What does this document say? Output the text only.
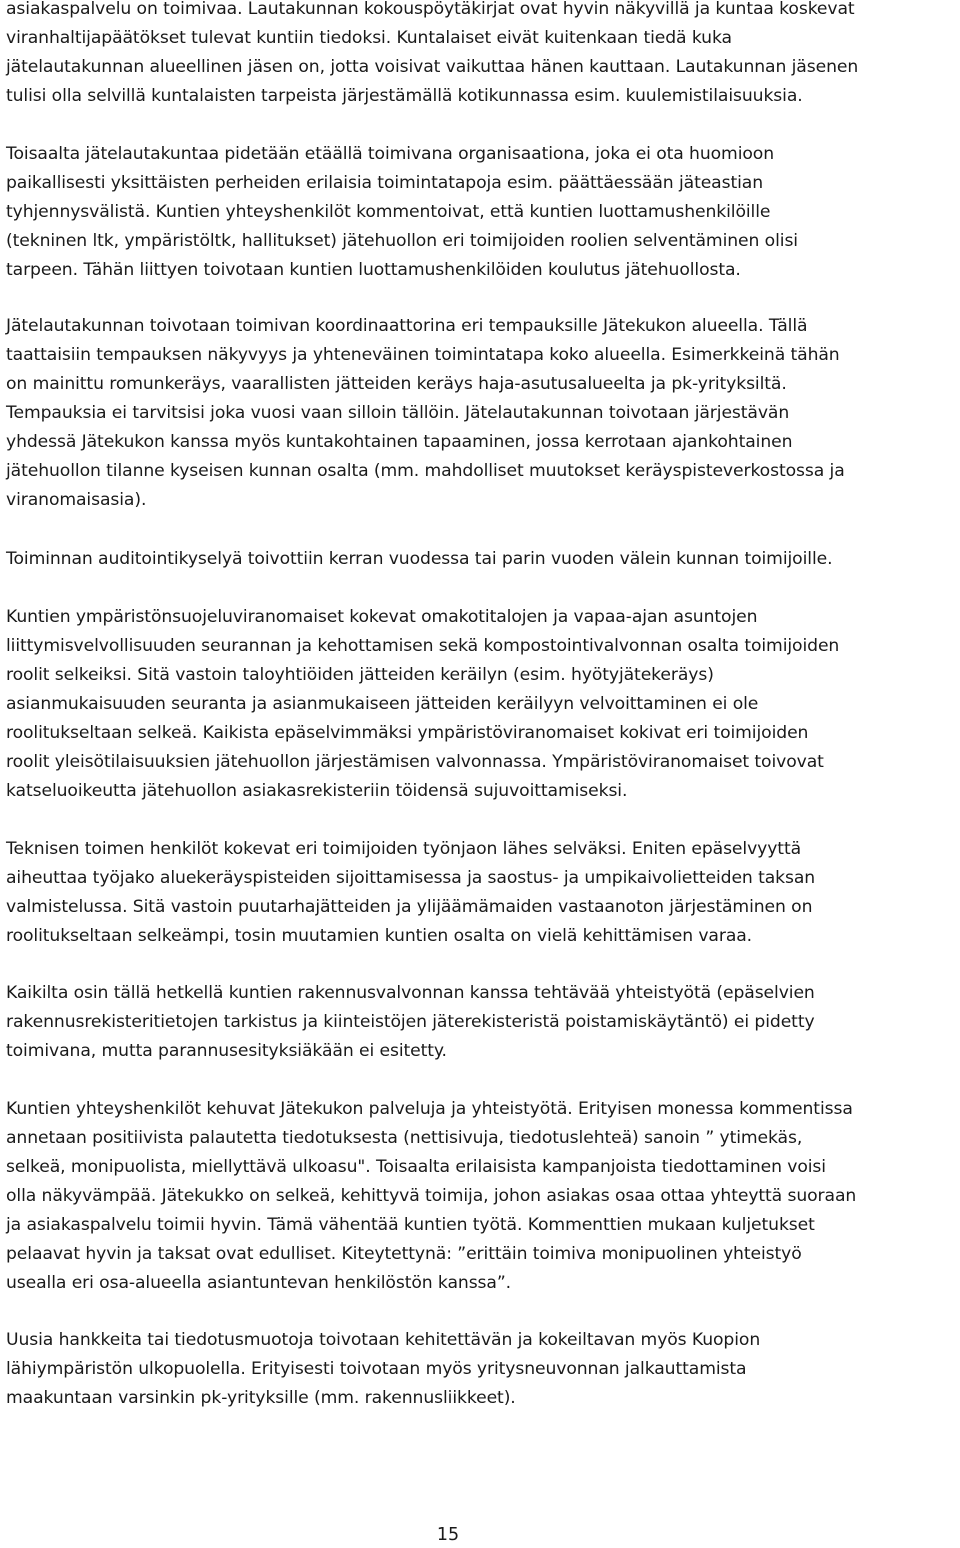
asiakaspalvelu on toimivaa. Lautakunnan kokouspöytäkirjat ovat hyvin näkyvillä ja kuntaa koskevat
viranhaltijapäätökset tulevat kuntiin tiedoksi. Kuntalaiset eivät kuitenkaan tiedä kuka
jätelautakunnan alueellinen jäsen on, jotta voisivat vaikuttaa hänen kauttaan. Lautakunnan jäsenen
tulisi olla selvillä kuntalaisten tarpeista järjestämällä kotikunnassa esim. kuulemistilaisuuksia.

Toisaalta jätelautakuntaa pidetään etäällä toimivana organisaationa, joka ei ota huomioon
paikallisesti yksittäisten perheiden erilaisia toimintatapoja esim. päättäessään jäteastian
tyhjennysvälistä. Kuntien yhteyshenkilöt kommentoivat, että kuntien luottamushenkilöille
(tekninen ltk, ympäristöltk, hallitukset) jätehuollon eri toimijoiden roolien selventäminen olisi
tarpeen. Tähän liittyen toivotaan kuntien luottamushenkilöiden koulutus jätehuollosta.

Jätelautakunnan toivotaan toimivan koordinaattorina eri tempauksille Jätekukon alueella. Tällä
taattaisiin tempauksen näkyvyys ja yhteneväinen toimintatapa koko alueella. Esimerkkeinä tähän
on mainittu romunkeräys, vaarallisten jätteiden keräys haja-asutusalueelta ja pk-yrityksiltä.
Tempauksia ei tarvitsisi joka vuosi vaan silloin tällöin. Jätelautakunnan toivotaan järjestävän
yhdessä Jätekukon kanssa myös kuntakohtainen tapaaminen, jossa kerrotaan ajankohtainen
jätehuollon tilanne kyseisen kunnan osalta (mm. mahdolliset muutokset keräyspisteverkostossa ja
viranomaisasia).

Toiminnan auditointikyselyä toivottiin kerran vuodessa tai parin vuoden välein kunnan toimijoille.

Kuntien ympäristönsuojeluviranomaiset kokevat omakotitalojen ja vapaa-ajan asuntojen
liittymisvelvollisuuden seurannan ja kehottamisen sekä kompostointivalvonnan osalta toimijoiden
roolit selkeiksi. Sitä vastoin taloyhtiöiden jätteiden keräilyn (esim. hyötyjätekeräys)
asianmukaisuuden seuranta ja asianmukaiseen jätteiden keräilyyn velvoittaminen ei ole
roolitukseltaan selkeä. Kaikista epäselvimmäksi ympäristöviranomaiset kokivat eri toimijoiden
roolit yleisötilaisuuksien jätehuollon järjestämisen valvonnassa. Ympäristöviranomaiset toivovat
katseluoikeutta jätehuollon asiakasrekisteriin töidensä sujuvoittamiseksi.

Teknisen toimen henkilöt kokevat eri toimijoiden työnjaon lähes selväksi. Eniten epäselvyyttä
aiheuttaa työjako aluekeräyspisteiden sijoittamisessa ja saostus- ja umpikaivolietteiden taksan
valmistelussa. Sitä vastoin puutarhajätteiden ja ylijäämämaiden vastaanoton järjestäminen on
roolitukseltaan selkeämpi, tosin muutamien kuntien osalta on vielä kehittämisen varaa.

Kaikilta osin tällä hetkellä kuntien rakennusvalvonnan kanssa tehtävää yhteistyötä (epäselvien
rakennusrekisteritietojen tarkistus ja kiinteistöjen jäterekisteristä poistamiskäytäntö) ei pidetty
toimivana, mutta parannusesityksiäkään ei esitetty.

Kuntien yhteyshenkilöt kehuvat Jätekukon palveluja ja yhteistyötä. Erityisen monessa kommentissa
annetaan positiivista palautetta tiedotuksesta (nettisivuja, tiedotuslehteä) sanoin ” ytimekäs,
selkeä, monipuolista, miellyttävä ulkoasu". Toisaalta erilaisista kampanjoista tiedottaminen voisi
olla näkyvämpää. Jätekukko on selkeä, kehittyvä toimija, johon asiakas osaa ottaa yhteyttä suoraan
ja asiakaspalvelu toimii hyvin. Tämä vähentää kuntien työtä. Kommenttien mukaan kuljetukset
pelaavat hyvin ja taksat ovat edulliset. Kiteytettynä: ”erittäin toimiva monipuolinen yhteistyö
usealla eri osa-alueella asiantuntevan henkilöstön kanssa”.

Uusia hankkeita tai tiedotusmuotoja toivotaan kehitettävän ja kokeiltavan myös Kuopion
lähiympäristön ulkopuolella. Erityisesti toivotaan myös yritysneuvonnan jalkauttamista
maakuntaan varsinkin pk-yrityksille (mm. rakennusliikkeet).

15
